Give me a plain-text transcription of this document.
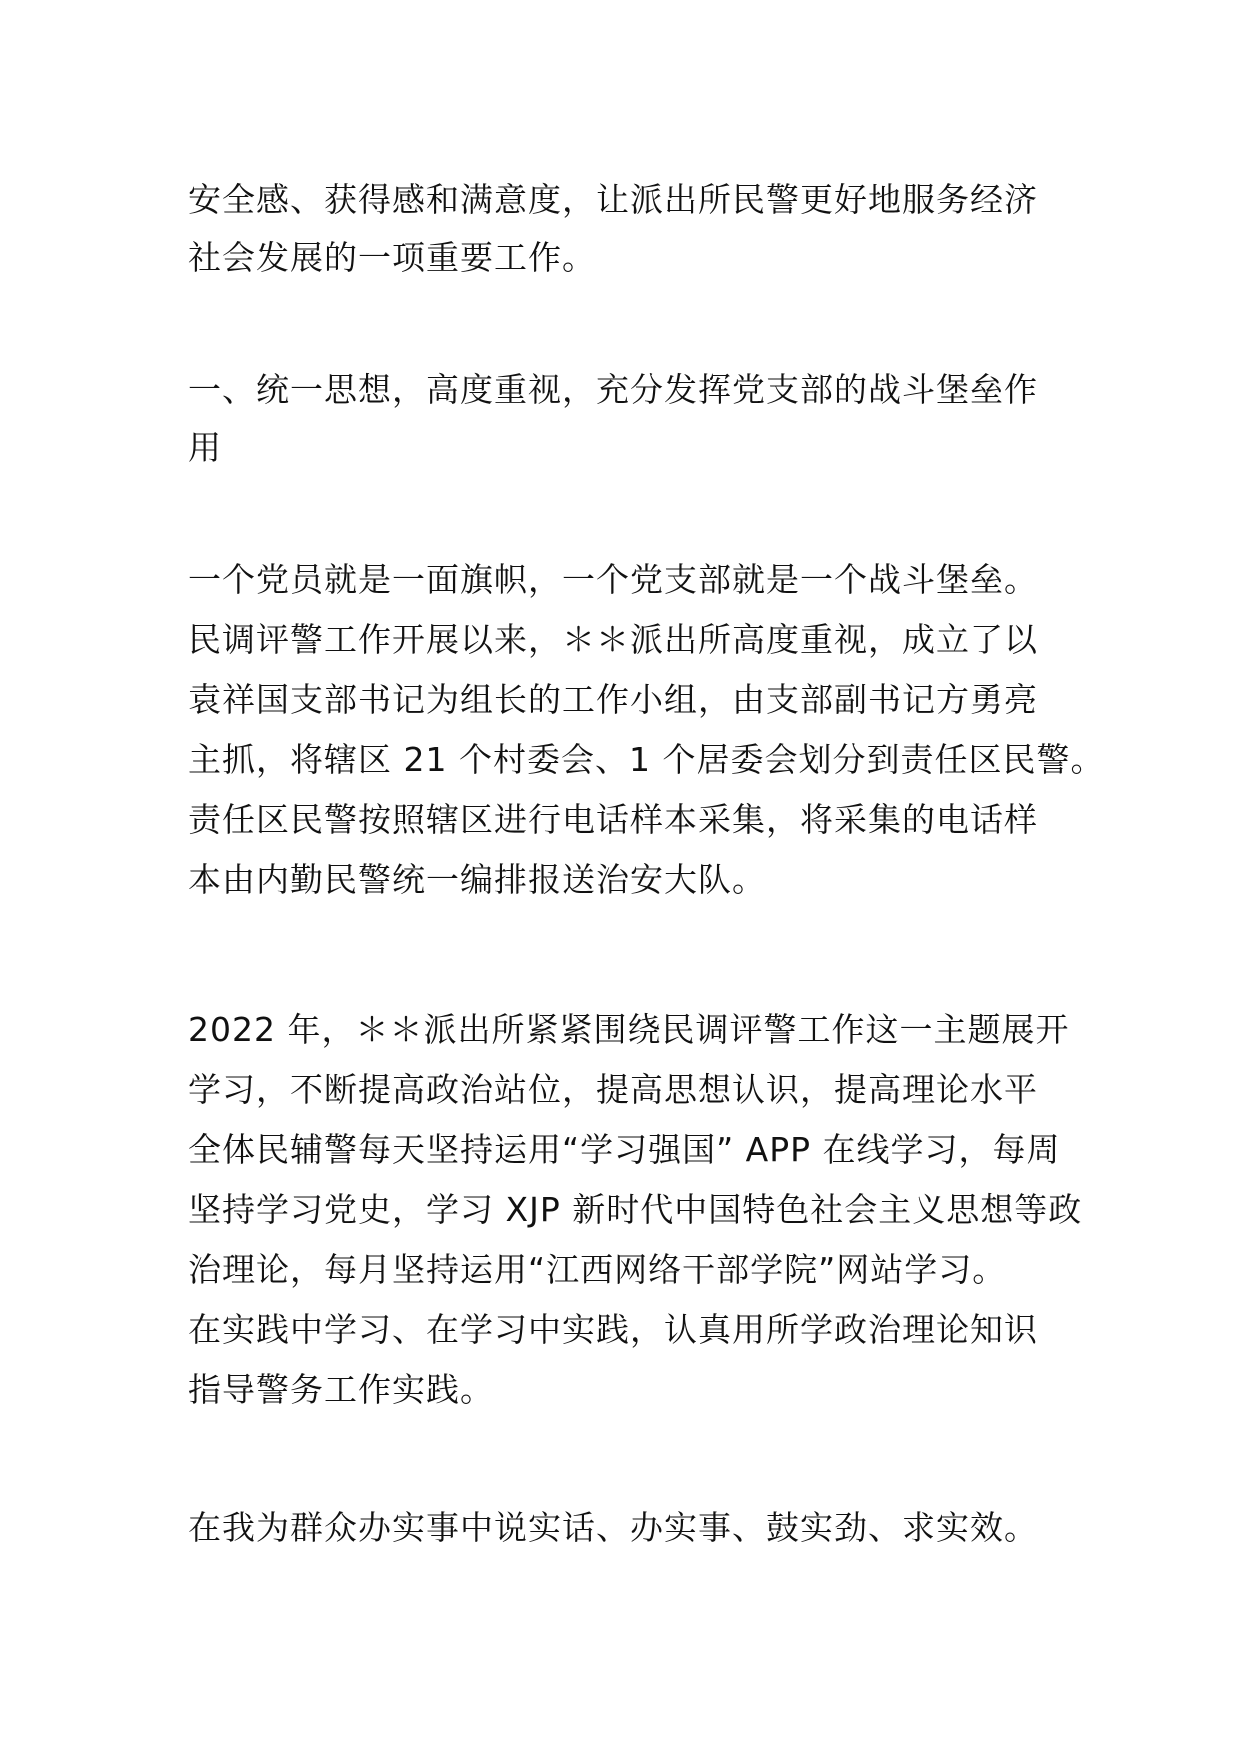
安全感、获得感和满意度，让派出所民警更好地服务经济
社会发展的一项重要工作。
一、统一思想，高度重视，充分发挥党支部的战斗堡垒作
用
一个党员就是一面旗帜，一个党支部就是一个战斗堡垒。
民调评警工作开展以来，＊＊派出所高度重视，成立了以
袁祥国支部书记为组长的工作小组，由支部副书记方勇亮
主抓，将辖区 21 个村委会、1 个居委会划分到责任区民警。
责任区民警按照辖区进行电话样本采集，将采集的电话样
本由内勤民警统一编排报送治安大队。
2022 年，＊＊派出所紧紧围绕民调评警工作这一主题展开
学习，不断提高政治站位，提高思想认识，提高理论水平
全体民辅警每天坚持运用“学习强国” APP 在线学习，每周
坚持学习党史，学习 XJP 新时代中国特色社会主义思想等政
治理论，每月坚持运用“江西网络干部学院”网站学习。
在实践中学习、在学习中实践，认真用所学政治理论知识
指导警务工作实践。
在我为群众办实事中说实话、办实事、鼓实劲、求实效。
